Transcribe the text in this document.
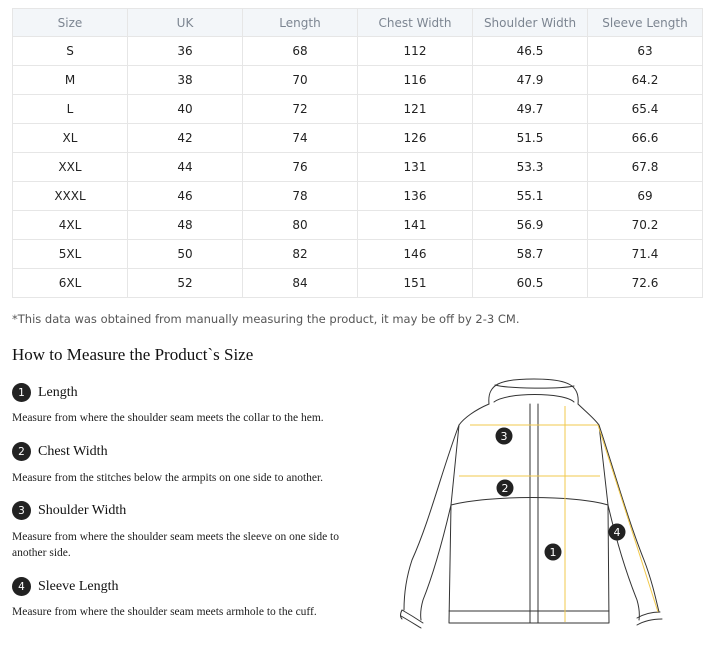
Size	UK	Length	Chest Width	Shoulder Width	Sleeve Length
S	36	68	112	46.5	63
M	38	70	116	47.9	64.2
L	40	72	121	49.7	65.4
XL	42	74	126	51.5	66.6
XXL	44	76	131	53.3	67.8
XXXL	46	78	136	55.1	69
4XL	48	80	141	56.9	70.2
5XL	50	82	146	58.7	71.4
6XL	52	84	151	60.5	72.6
*This data was obtained from manually measuring the product, it may be off by 2-3 CM.
How to Measure the Product`s Size
1 Length
Measure from where the shoulder seam meets the collar to the hem.
2 Chest Width
Measure from the stitches below the armpits on one side to another.
3 Shoulder Width
Measure from where the shoulder seam meets the sleeve on one side to another side.
4 Sleeve Length
Measure from where the shoulder seam meets armhole to the cuff.
3
2
1
4
